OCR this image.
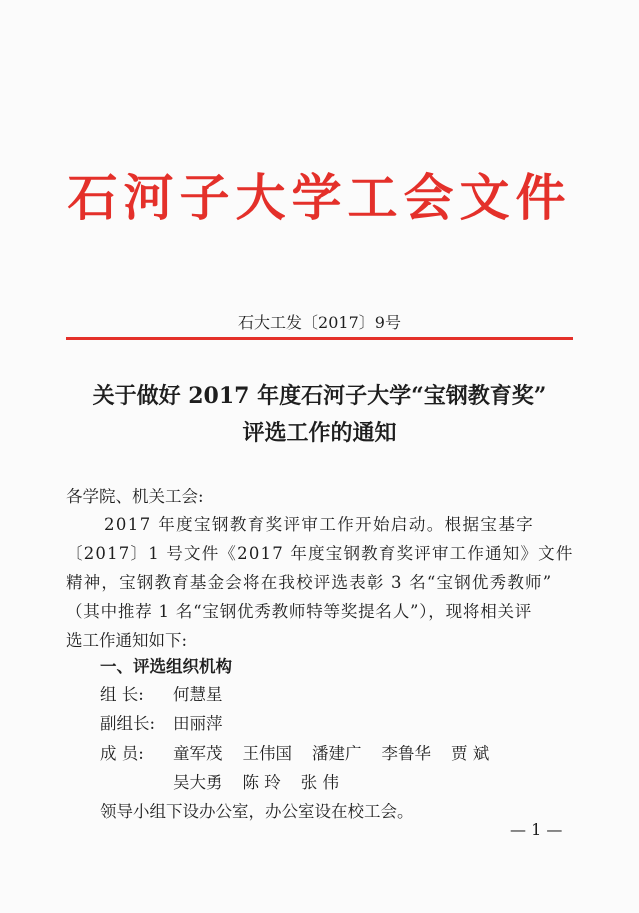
石河子大学工会文件
石大工发〔2017〕9号
关于做好 2017 年度石河子大学“宝钢教育奖”
评选工作的通知
各学院、机关工会:
2017 年度宝钢教育奖评审工作开始启动。根据宝基字
〔2017〕1 号文件《2017 年度宝钢教育奖评审工作通知》文件
精神，宝钢教育基金会将在我校评选表彰 3 名“宝钢优秀教师”
（其中推荐 1 名“宝钢优秀教师特等奖提名人”），现将相关评
选工作通知如下:
一、评选组织机构
组 长: 何慧星
副组长: 田丽萍
成 员: 童军茂 王伟国 潘建广 李鲁华 贾 斌
吴大勇 陈 玲 张 伟
领导小组下设办公室，办公室设在校工会。
— 1 —
